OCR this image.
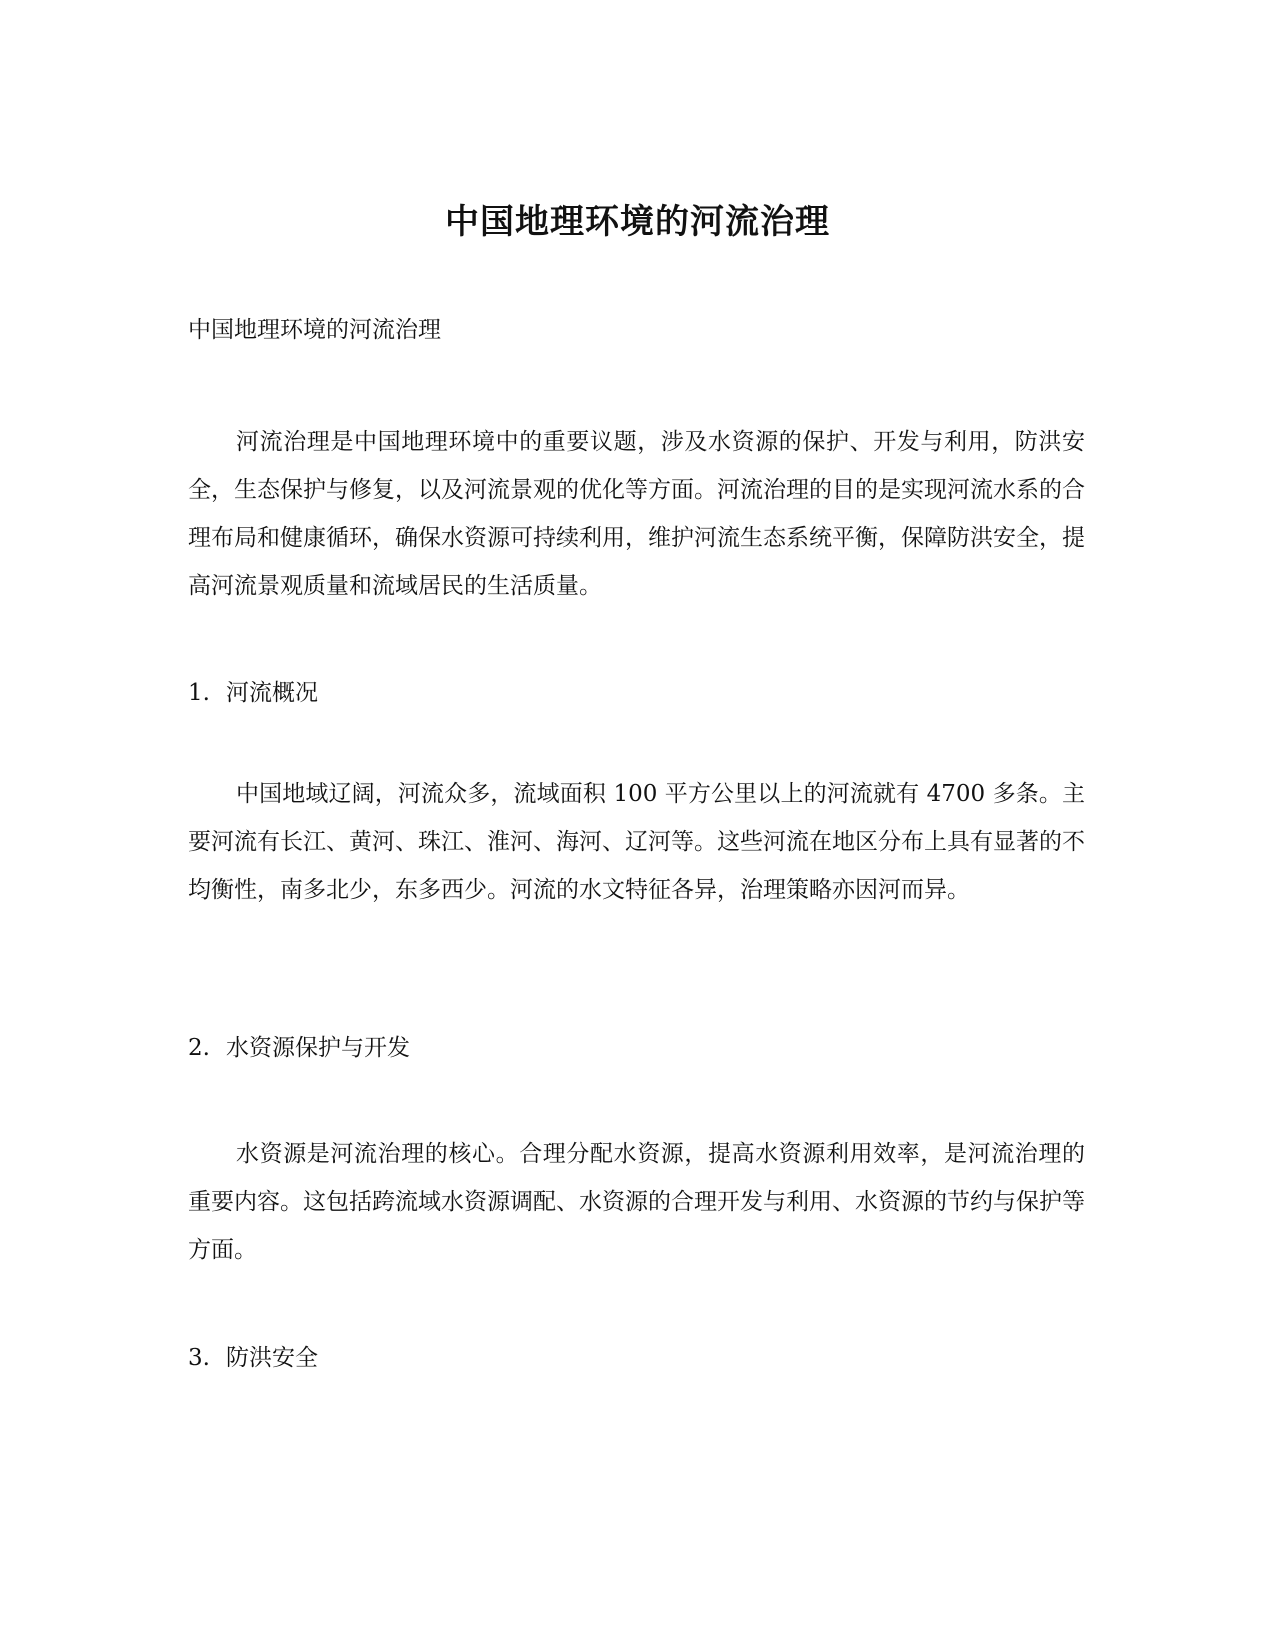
中国地理环境的河流治理
中国地理环境的河流治理
河流治理是中国地理环境中的重要议题，涉及水资源的保护、开发与利用，防洪安全，生态保护与修复，以及河流景观的优化等方面。河流治理的目的是实现河流水系的合理布局和健康循环，确保水资源可持续利用，维护河流生态系统平衡，保障防洪安全，提高河流景观质量和流域居民的生活质量。
1. 河流概况
中国地域辽阔，河流众多，流域面积 100 平方公里以上的河流就有 4700 多条。主要河流有长江、黄河、珠江、淮河、海河、辽河等。这些河流在地区分布上具有显著的不均衡性，南多北少，东多西少。河流的水文特征各异，治理策略亦因河而异。
2. 水资源保护与开发
水资源是河流治理的核心。合理分配水资源，提高水资源利用效率，是河流治理的重要内容。这包括跨流域水资源调配、水资源的合理开发与利用、水资源的节约与保护等方面。
3. 防洪安全
